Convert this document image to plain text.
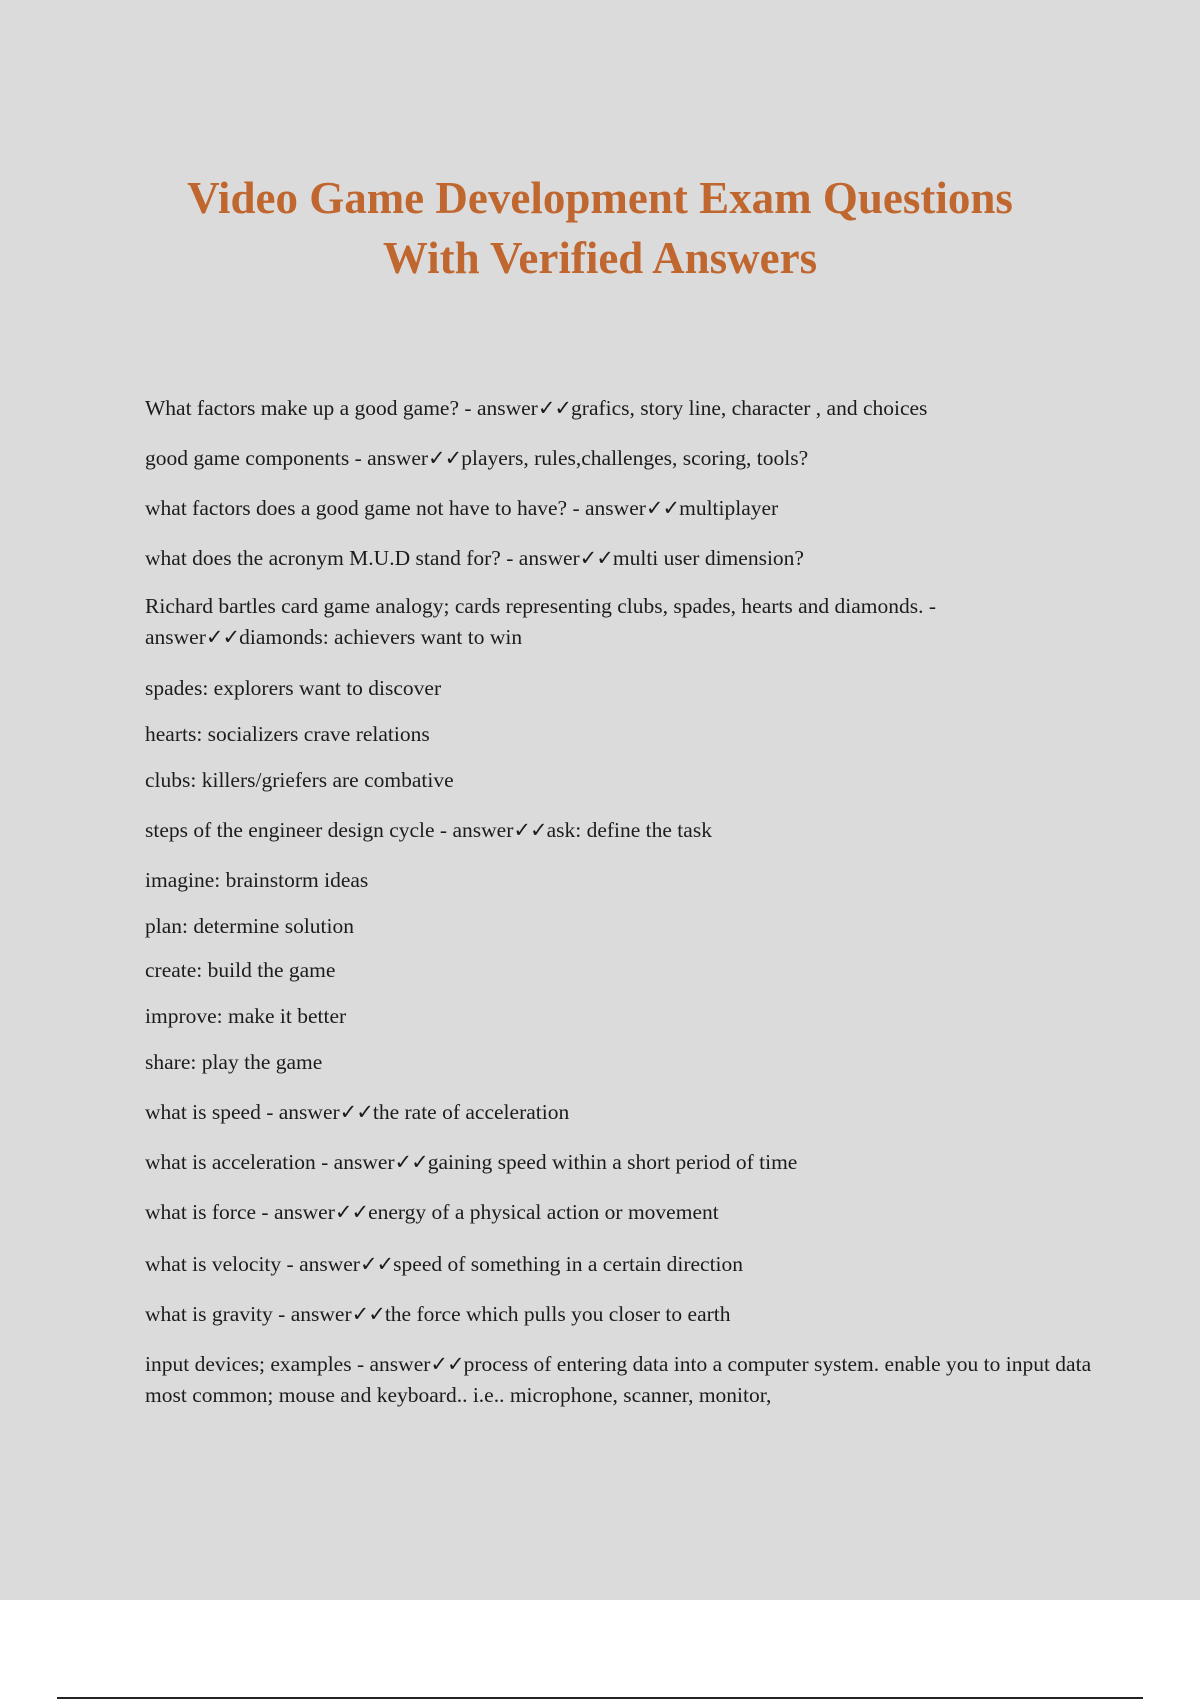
Video Game Development Exam Questions
With Verified Answers
What factors make up a good game? - answer✓✓grafics, story line, character , and choices
good game components - answer✓✓players, rules,challenges, scoring, tools?
what factors does a good game not have to have? - answer✓✓multiplayer
what does the acronym M.U.D stand for? - answer✓✓multi user dimension?
Richard bartles card game analogy; cards representing clubs, spades, hearts and diamonds. - answer✓✓diamonds: achievers want to win
spades: explorers want to discover
hearts: socializers crave relations
clubs: killers/griefers are combative
steps of the engineer design cycle - answer✓✓ask: define the task
imagine: brainstorm ideas
plan: determine solution
create: build the game
improve: make it better
share: play the game
what is speed - answer✓✓the rate of acceleration
what is acceleration - answer✓✓gaining speed within a short period of time
what is force - answer✓✓energy of a physical action or movement
what is velocity - answer✓✓speed of something in a certain direction
what is gravity - answer✓✓the force which pulls you closer to earth
input devices; examples - answer✓✓process of entering data into a computer system. enable you to input data most common; mouse and keyboard.. i.e.. microphone, scanner, monitor,
